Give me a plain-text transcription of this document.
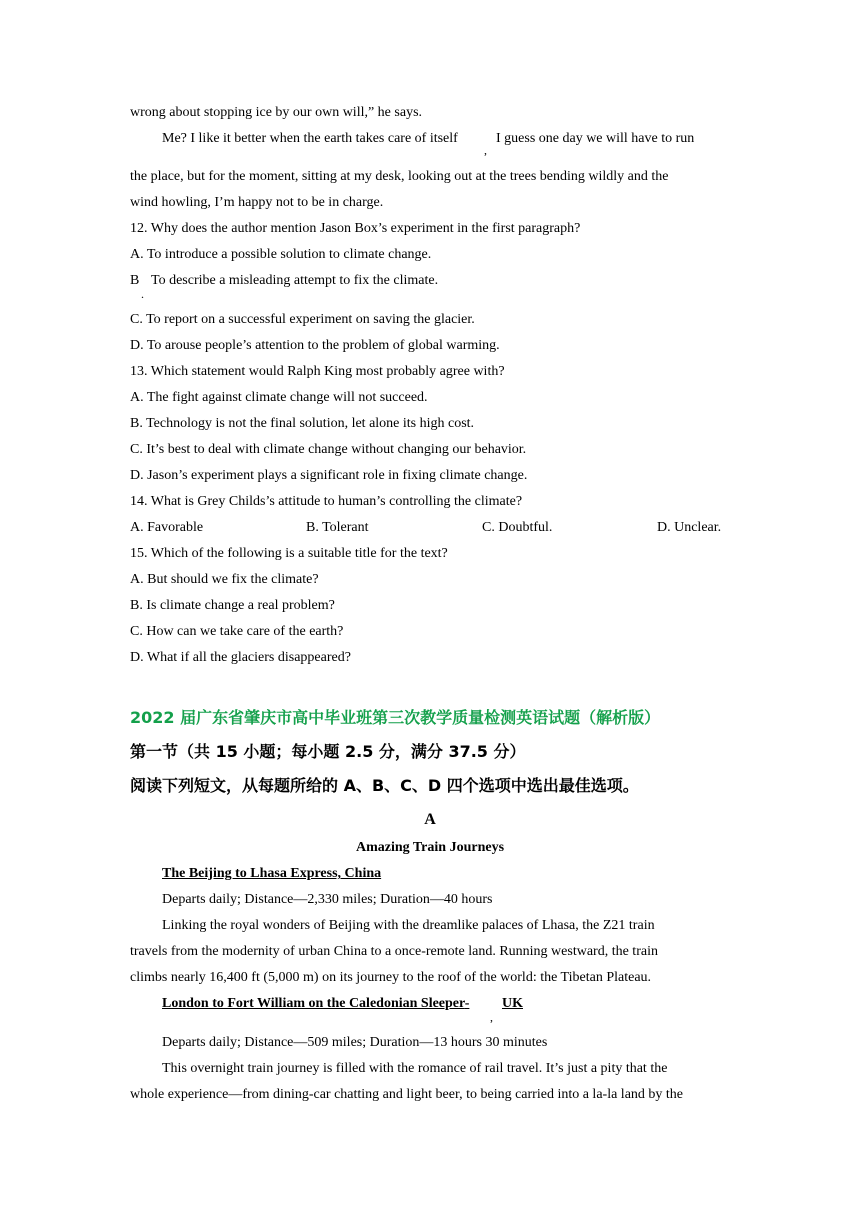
wrong about stopping ice by our own will,” he says.
Me? I like it better when the earth takes care of itself
,
I guess one day we will have to run
the place, but for the moment, sitting at my desk, looking out at the trees bending wildly and the
wind howling, I’m happy not to be in charge.
12. Why does the author mention Jason Box’s experiment in the first paragraph?
A. To introduce a possible solution to climate change.
B
.
To describe a misleading attempt to fix the climate.
C. To report on a successful experiment on saving the glacier.
D. To arouse people’s attention to the problem of global warming.
13. Which statement would Ralph King most probably agree with?
A. The fight against climate change will not succeed.
B. Technology is not the final solution, let alone its high cost.
C. It’s best to deal with climate change without changing our behavior.
D. Jason’s experiment plays a significant role in fixing climate change.
14. What is Grey Childs’s attitude to human’s controlling the climate?
A. Favorable	B. Tolerant	C. Doubtful.	D. Unclear.
15. Which of the following is a suitable title for the text?
A. But should we fix the climate?
B. Is climate change a real problem?
C. How can we take care of the earth?
D. What if all the glaciers disappeared?
2022 届广东省肇庆市高中毕业班第三次教学质量检测英语试题（解析版）
第一节（共 15 小题；每小题 2.5 分，满分 37.5 分）
阅读下列短文，从每题所给的 A、B、C、D 四个选项中选出最佳选项。
A
Amazing Train Journeys
The Beijing to Lhasa Express, China
Departs daily; Distance—2,330 miles; Duration—40 hours
Linking the royal wonders of Beijing with the dreamlike palaces of Lhasa, the Z21 train
travels from the modernity of urban China to a once-remote land. Running westward, the train
climbs nearly 16,400 ft (5,000 m) on its journey to the roof of the world: the Tibetan Plateau.
London to Fort William on the Caledonian Sleeper-
,
UK
Departs daily; Distance—509 miles; Duration—13 hours 30 minutes
This overnight train journey is filled with the romance of rail travel. It’s just a pity that the
whole experience—from dining-car chatting and light beer, to being carried into a la-la land by the
